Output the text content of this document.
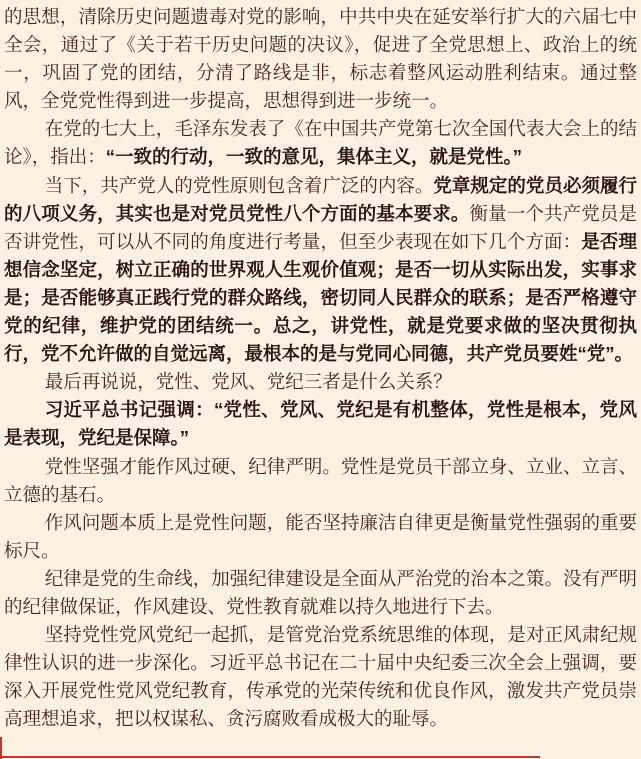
的思想，清除历史问题遗毒对党的影响，中共中央在延安举行扩大的六届七中全会，通过了《关于若干历史问题的决议》，促进了全党思想上、政治上的统一，巩固了党的团结，分清了路线是非，标志着整风运动胜利结束。通过整风，全党党性得到进一步提高，思想得到进一步统一。

在党的七大上，毛泽东发表了《在中国共产党第七次全国代表大会上的结论》，指出：“一致的行动，一致的意见，集体主义，就是党性。”

当下，共产党人的党性原则包含着广泛的内容。党章规定的党员必须履行的八项义务，其实也是对党员党性八个方面的基本要求。衡量一个共产党员是否讲党性，可以从不同的角度进行考量，但至少表现在如下几个方面：是否理想信念坚定，树立正确的世界观人生观价值观；是否一切从实际出发，实事求是；是否能够真正践行党的群众路线，密切同人民群众的联系；是否严格遵守党的纪律，维护党的团结统一。总之，讲党性，就是党要求做的坚决贯彻执行，党不允许做的自觉远离，最根本的是与党同心同德，共产党员要姓“党”。

最后再说说，党性、党风、党纪三者是什么关系？

习近平总书记强调：“党性、党风、党纪是有机整体，党性是根本，党风是表现，党纪是保障。”

党性坚强才能作风过硬、纪律严明。党性是党员干部立身、立业、立言、立德的基石。

作风问题本质上是党性问题，能否坚持廉洁自律更是衡量党性强弱的重要标尺。

纪律是党的生命线，加强纪律建设是全面从严治党的治本之策。没有严明的纪律做保证，作风建设、党性教育就难以持久地进行下去。

坚持党性党风党纪一起抓，是管党治党系统思维的体现，是对正风肃纪规律性认识的进一步深化。习近平总书记在二十届中央纪委三次全会上强调，要深入开展党性党风党纪教育，传承党的光荣传统和优良作风，激发共产党员崇高理想追求，把以权谋私、贪污腐败看成极大的耻辱。
